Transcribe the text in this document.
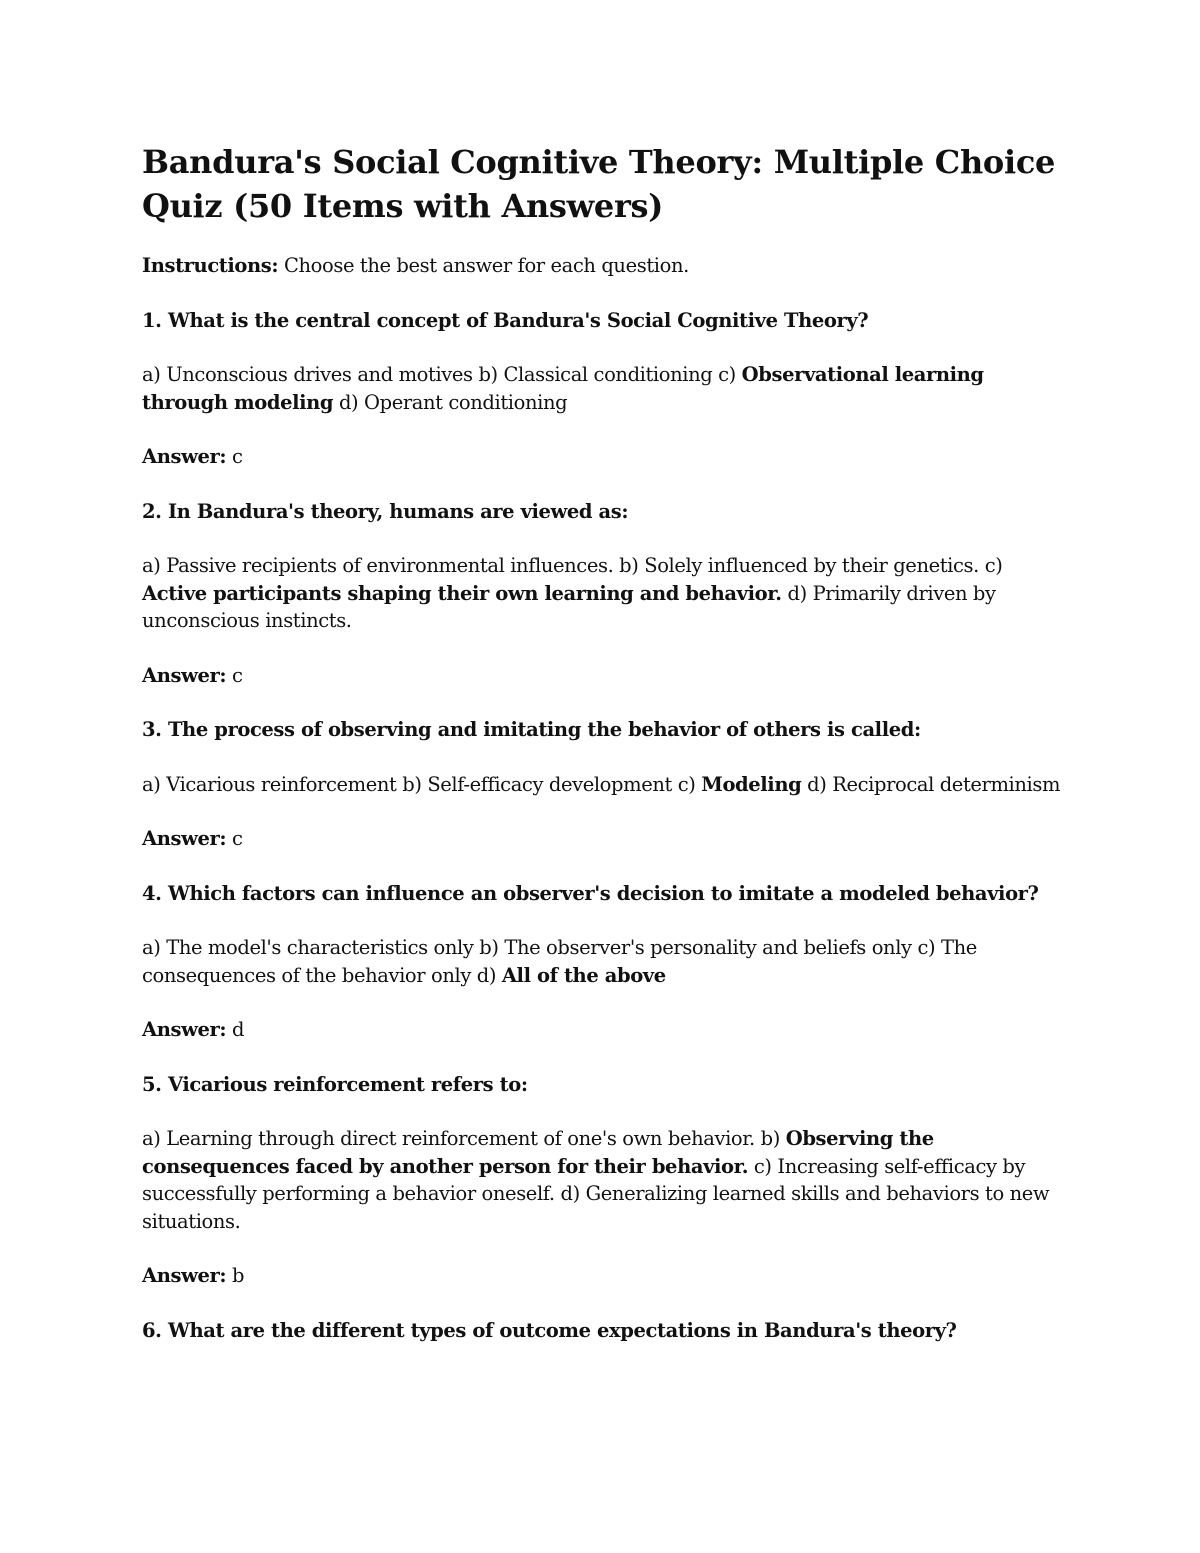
Bandura's Social Cognitive Theory: Multiple Choice Quiz (50 Items with Answers)

Instructions: Choose the best answer for each question.

1. What is the central concept of Bandura's Social Cognitive Theory?

a) Unconscious drives and motives b) Classical conditioning c) Observational learning through modeling d) Operant conditioning

Answer: c

2. In Bandura's theory, humans are viewed as:

a) Passive recipients of environmental influences. b) Solely influenced by their genetics. c) Active participants shaping their own learning and behavior. d) Primarily driven by unconscious instincts.

Answer: c

3. The process of observing and imitating the behavior of others is called:

a) Vicarious reinforcement b) Self-efficacy development c) Modeling d) Reciprocal determinism

Answer: c

4. Which factors can influence an observer's decision to imitate a modeled behavior?

a) The model's characteristics only b) The observer's personality and beliefs only c) The consequences of the behavior only d) All of the above

Answer: d

5. Vicarious reinforcement refers to:

a) Learning through direct reinforcement of one's own behavior. b) Observing the consequences faced by another person for their behavior. c) Increasing self-efficacy by successfully performing a behavior oneself. d) Generalizing learned skills and behaviors to new situations.

Answer: b

6. What are the different types of outcome expectations in Bandura's theory?
